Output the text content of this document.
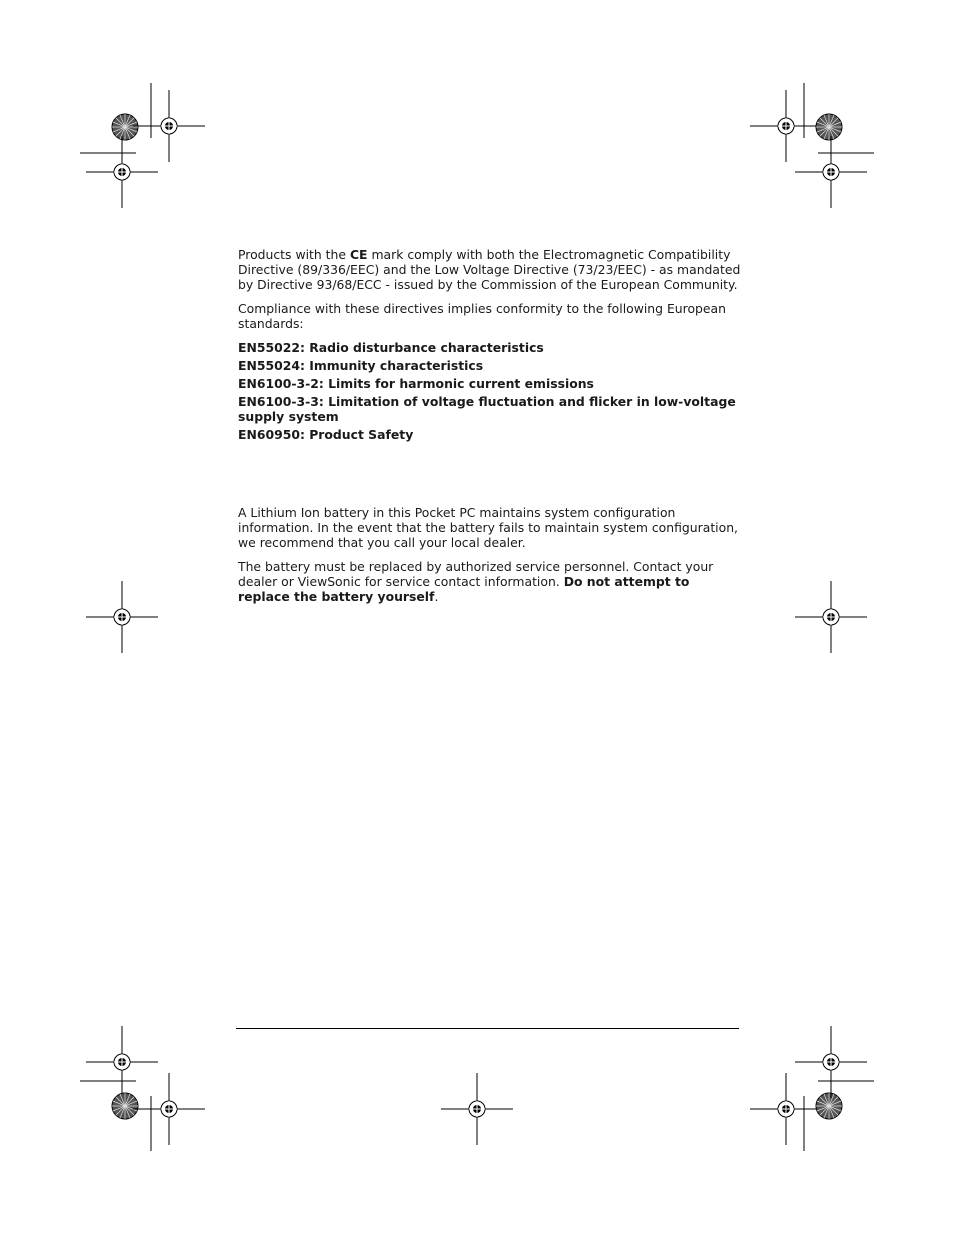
Products with the CE mark comply with both the Electromagnetic Compatibility Directive (89/336/EEC) and the Low Voltage Directive (73/23/EEC) - as mandated by Directive 93/68/ECC - issued by the Commission of the European Community.

Compliance with these directives implies conformity to the following European standards:

EN55022: Radio disturbance characteristics

EN55024: Immunity characteristics

EN6100-3-2: Limits for harmonic current emissions

EN6100-3-3: Limitation of voltage fluctuation and flicker in low-voltage supply system

EN60950: Product Safety

A Lithium Ion battery in this Pocket PC maintains system configuration information. In the event that the battery fails to maintain system configuration, we recommend that you call your local dealer.

The battery must be replaced by authorized service personnel. Contact your dealer or ViewSonic for service contact information. Do not attempt to replace the battery yourself.
